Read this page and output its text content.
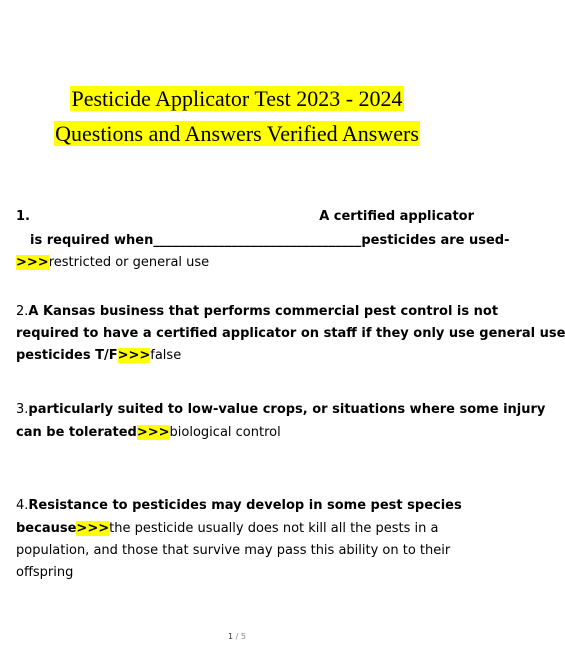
Pesticide Applicator Test 2023 - 2024
Questions and Answers Verified Answers
1.	A certified applicator
is required when________________________________pesticides are used-
>>>restricted or general use
2.A Kansas business that performs commercial pest control is not
required to have a certified applicator on staff if they only use general use
pesticides T/F>>>false
3.particularly suited to low-value crops, or situations where some injury
can be tolerated>>>biological control
4.Resistance to pesticides may develop in some pest species
because>>>the pesticide usually does not kill all the pests in a
population, and those that survive may pass this ability on to their
offspring
1 / 5
